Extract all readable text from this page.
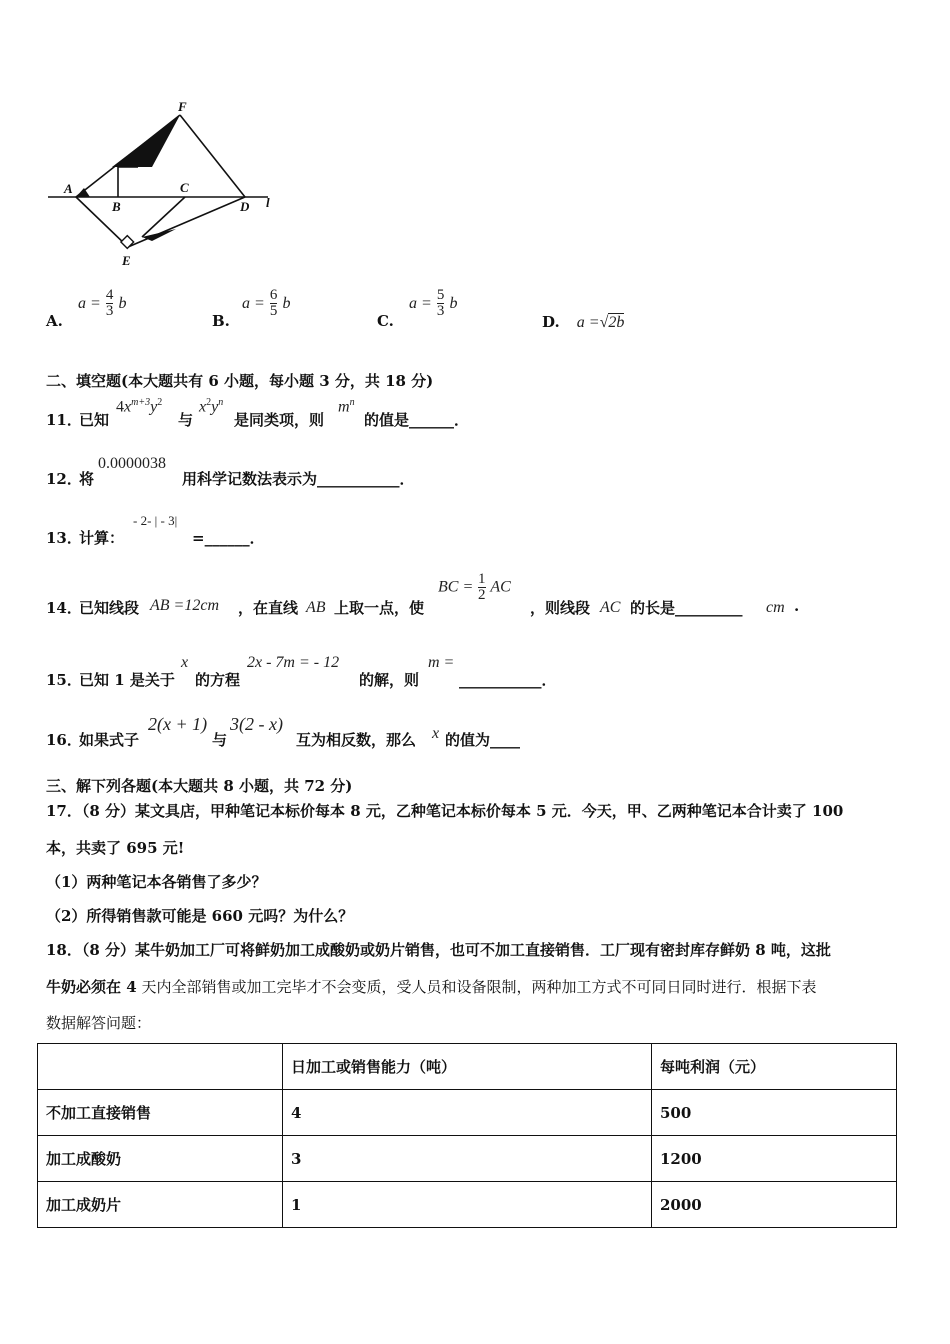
F
A
B
C
D l
E
A.
$a = \frac{4}{3}$ b
B.
$a = \frac{6}{5}$ b
C.
$a = \frac{5}{3}$ b
D. a =√2b
二、填空题(本大题共有 6 小题，每小题 3 分，共 18 分)
11．
已知
$4x^{m+3}y^2$
与
$x^2y^n$
是同类项，则
$m^n$
的值是______．
12．
将
0.0000038
用科学记数法表示为___________．
13．
计算：
- 2- | - 3|
=______．
14．
已知线段 AB =12cm ，在直线 AB 上取一点，使
BC = $\frac{1}{2}$ AC
，则线段 AC 的长是_________ cm .
15．
已知 1 是关于
x
的方程
2x - 7m = - 12
的解，则
m =
___________．
16．
如果式子
2(x + 1)
与
3(2 - x)
互为相反数，那么 x 的值为____
三、解下列各题(本大题共 8 小题，共 72 分)
17．（8 分）某文具店，甲种笔记本标价每本 8 元，乙种笔记本标价每本 5 元．今天，甲、乙两种笔记本合计卖了 100
本，共卖了 695 元!
（1）两种笔记本各销售了多少？
（2）所得销售款可能是 660 元吗？为什么？
18．（8 分）某牛奶加工厂可将鲜奶加工成酸奶或奶片销售，也可不加工直接销售．工厂现有密封库存鲜奶 8 吨，这批
牛奶必须在 4 天内全部销售或加工完毕才不会变质，受人员和设备限制，两种加工方式不可同日同时进行．根据下表
数据解答问题：
	日加工或销售能力（吨）	每吨利润（元）
不加工直接销售	4	500
加工成酸奶	3	1200
加工成奶片	1	2000
